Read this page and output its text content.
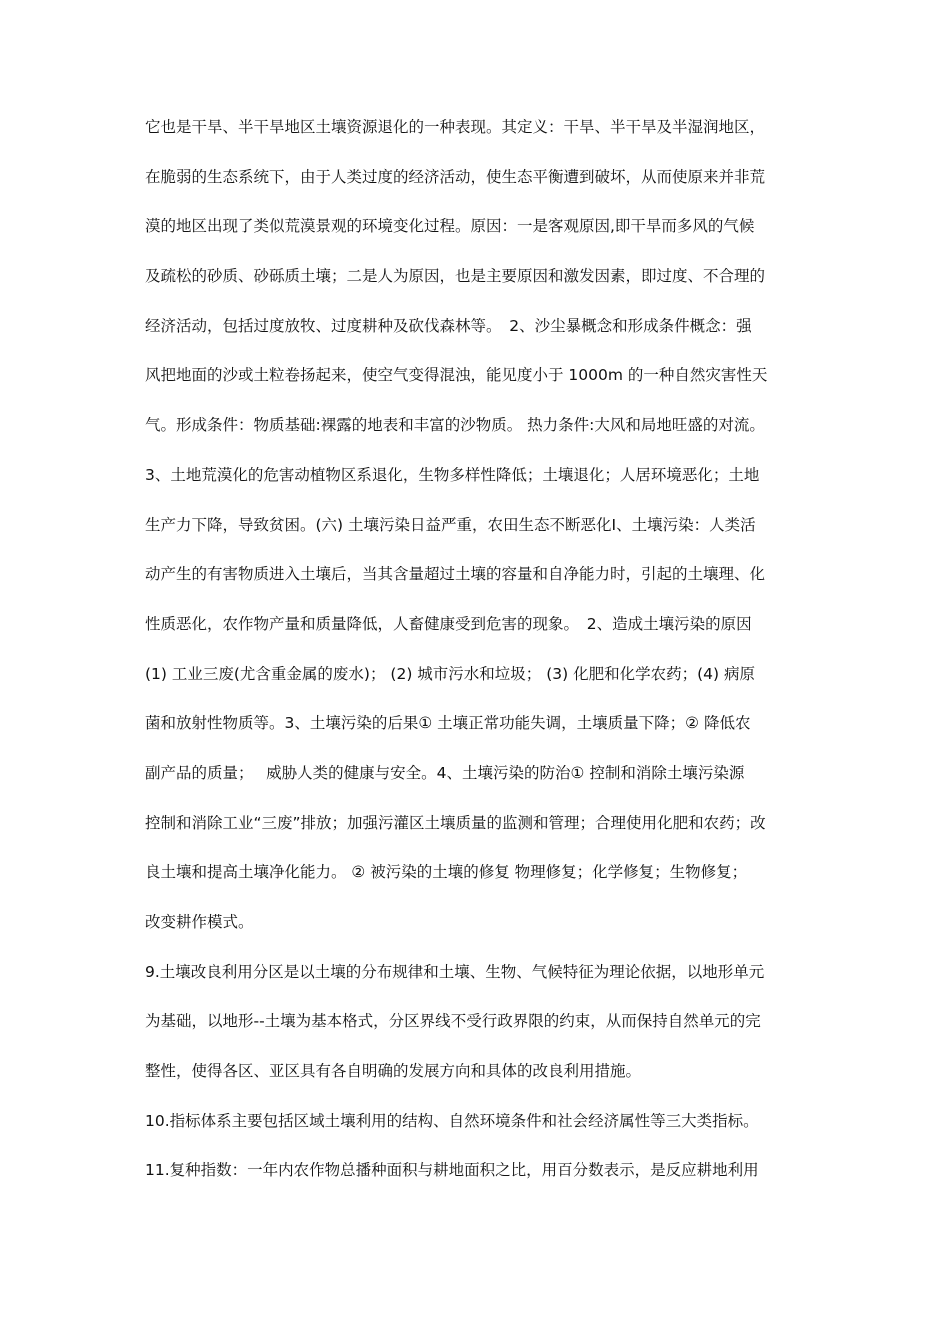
它也是干旱、半干旱地区土壤资源退化的一种表现。其定义：干旱、半干旱及半湿润地区，
在脆弱的生态系统下，由于人类过度的经济活动，使生态平衡遭到破坏，从而使原来并非荒
漠的地区出现了类似荒漠景观的环境变化过程。原因：一是客观原因,即干旱而多风的气候
及疏松的砂质、砂砾质土壤；二是人为原因，也是主要原因和激发因素，即过度、不合理的
经济活动，包括过度放牧、过度耕种及砍伐森林等。　2、沙尘暴概念和形成条件概念：强
风把地面的沙或土粒卷扬起来，使空气变得混浊，能见度小于 1000m 的一种自然灾害性天
气。形成条件：物质基础:裸露的地表和丰富的沙物质。 热力条件:大风和局地旺盛的对流。
3、土地荒漠化的危害动植物区系退化，生物多样性降低；土壤退化；人居环境恶化；土地
生产力下降，导致贫困。(六) 土壤污染日益严重，农田生态不断恶化Ⅰ、土壤污染：人类活
动产生的有害物质进入土壤后，当其含量超过土壤的容量和自净能力时，引起的土壤理、化
性质恶化，农作物产量和质量降低，人畜健康受到危害的现象。　2、造成土壤污染的原因
(1) 工业三废(尤含重金属的废水)； (2) 城市污水和垃圾； (3) 化肥和化学农药；(4) 病原
菌和放射性物质等。3、土壤污染的后果① 土壤正常功能失调，土壤质量下降；② 降低农
副产品的质量；　 威胁人类的健康与安全。4、土壤污染的防治① 控制和消除土壤污染源
控制和消除工业“三废”排放；加强污灌区土壤质量的监测和管理；合理使用化肥和农药；改
良土壤和提高土壤净化能力。 ② 被污染的土壤的修复 物理修复；化学修复；生物修复；
改变耕作模式。
9.土壤改良利用分区是以土壤的分布规律和土壤、生物、气候特征为理论依据，以地形单元
为基础，以地形--土壤为基本格式，分区界线不受行政界限的约束，从而保持自然单元的完
整性，使得各区、亚区具有各自明确的发展方向和具体的改良利用措施。
10.指标体系主要包括区域土壤利用的结构、自然环境条件和社会经济属性等三大类指标。
11.复种指数：一年内农作物总播种面积与耕地面积之比，用百分数表示，是反应耕地利用
